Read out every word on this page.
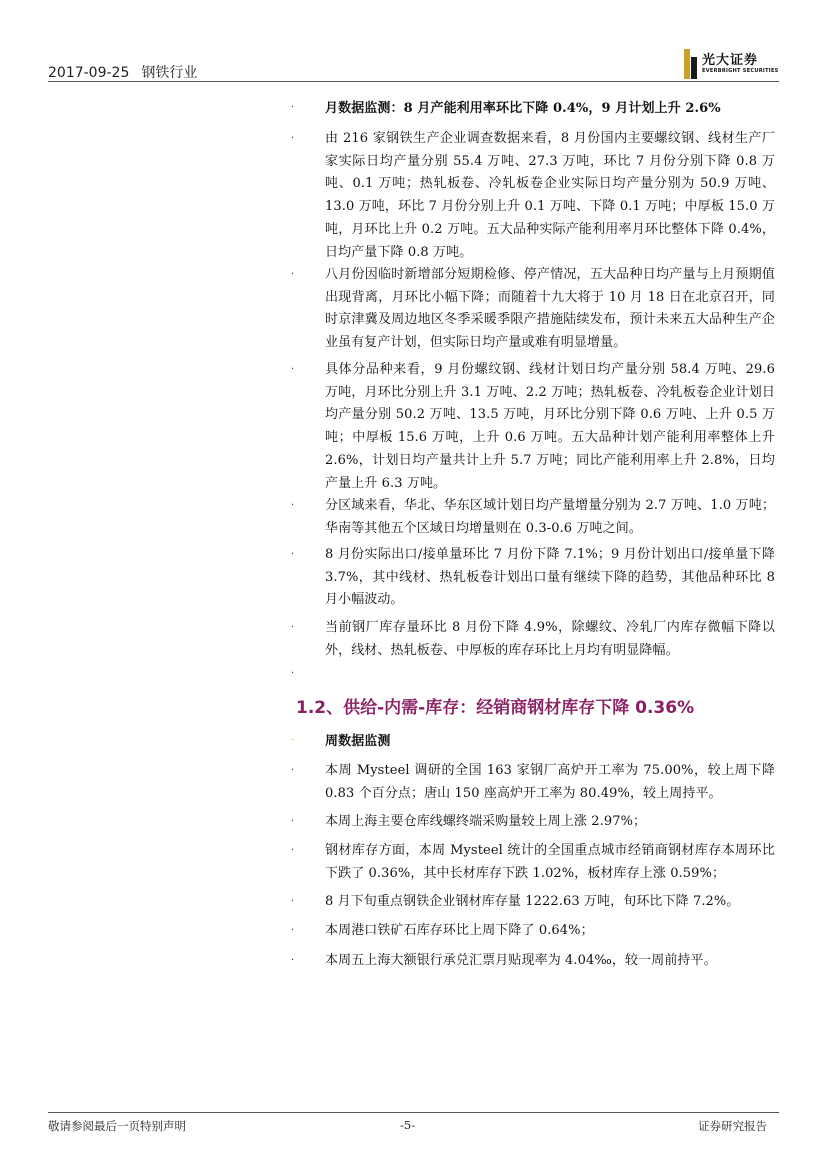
2017-09-25 钢铁行业
光大证券
EVERBRIGHT SECURITIES
· 月数据监测：8 月产能利用率环比下降 0.4%，9 月计划上升 2.6%

· 由 216 家钢铁生产企业调查数据来看，8 月份国内主要螺纹钢、线材生产厂家实际日均产量分别 55.4 万吨、27.3 万吨，环比 7 月份分别下降 0.8 万吨、0.1 万吨；热轧板卷、冷轧板卷企业实际日均产量分别为 50.9 万吨、13.0 万吨，环比 7 月份分别上升 0.1 万吨、下降 0.1 万吨；中厚板 15.0 万吨，月环比上升 0.2 万吨。五大品种实际产能利用率月环比整体下降 0.4%，日均产量下降 0.8 万吨。

· 八月份因临时新增部分短期检修、停产情况，五大品种日均产量与上月预期值出现背离，月环比小幅下降；而随着十九大将于 10 月 18 日在北京召开，同时京津冀及周边地区冬季采暖季限产措施陆续发布，预计未来五大品种生产企业虽有复产计划，但实际日均产量或难有明显增量。

· 具体分品种来看，9 月份螺纹钢、线材计划日均产量分别 58.4 万吨、29.6 万吨，月环比分别上升 3.1 万吨、2.2 万吨；热轧板卷、冷轧板卷企业计划日均产量分别 50.2 万吨、13.5 万吨，月环比分别下降 0.6 万吨、上升 0.5 万吨；中厚板 15.6 万吨，上升 0.6 万吨。五大品种计划产能利用率整体上升 2.6%，计划日均产量共计上升 5.7 万吨；同比产能利用率上升 2.8%，日均产量上升 6.3 万吨。

· 分区域来看，华北、华东区域计划日均产量增量分别为 2.7 万吨、1.0 万吨；华南等其他五个区域日均增量则在 0.3-0.6 万吨之间。

· 8 月份实际出口/接单量环比 7 月份下降 7.1%；9 月份计划出口/接单量下降 3.7%，其中线材、热轧板卷计划出口量有继续下降的趋势，其他品种环比 8 月小幅波动。

· 当前钢厂库存量环比 8 月份下降 4.9%，除螺纹、冷轧厂内库存微幅下降以外，线材、热轧板卷、中厚板的库存环比上月均有明显降幅。

·
1.2、供给-内需-库存：经销商钢材库存下降 0.36%
· 周数据监测

· 本周 Mysteel 调研的全国 163 家钢厂高炉开工率为 75.00%，较上周下降 0.83 个百分点；唐山 150 座高炉开工率为 80.49%，较上周持平。

· 本周上海主要仓库线螺终端采购量较上周上涨 2.97%；

· 钢材库存方面，本周 Mysteel 统计的全国重点城市经销商钢材库存本周环比下跌了 0.36%，其中长材库存下跌 1.02%，板材库存上涨 0.59%；

· 8 月下旬重点钢铁企业钢材库存量 1222.63 万吨，旬环比下降 7.2%。

· 本周港口铁矿石库存环比上周下降了 0.64%；

· 本周五上海大额银行承兑汇票月贴现率为 4.04‰，较一周前持平。

敬请参阅最后一页特别声明	-5-	证券研究报告
